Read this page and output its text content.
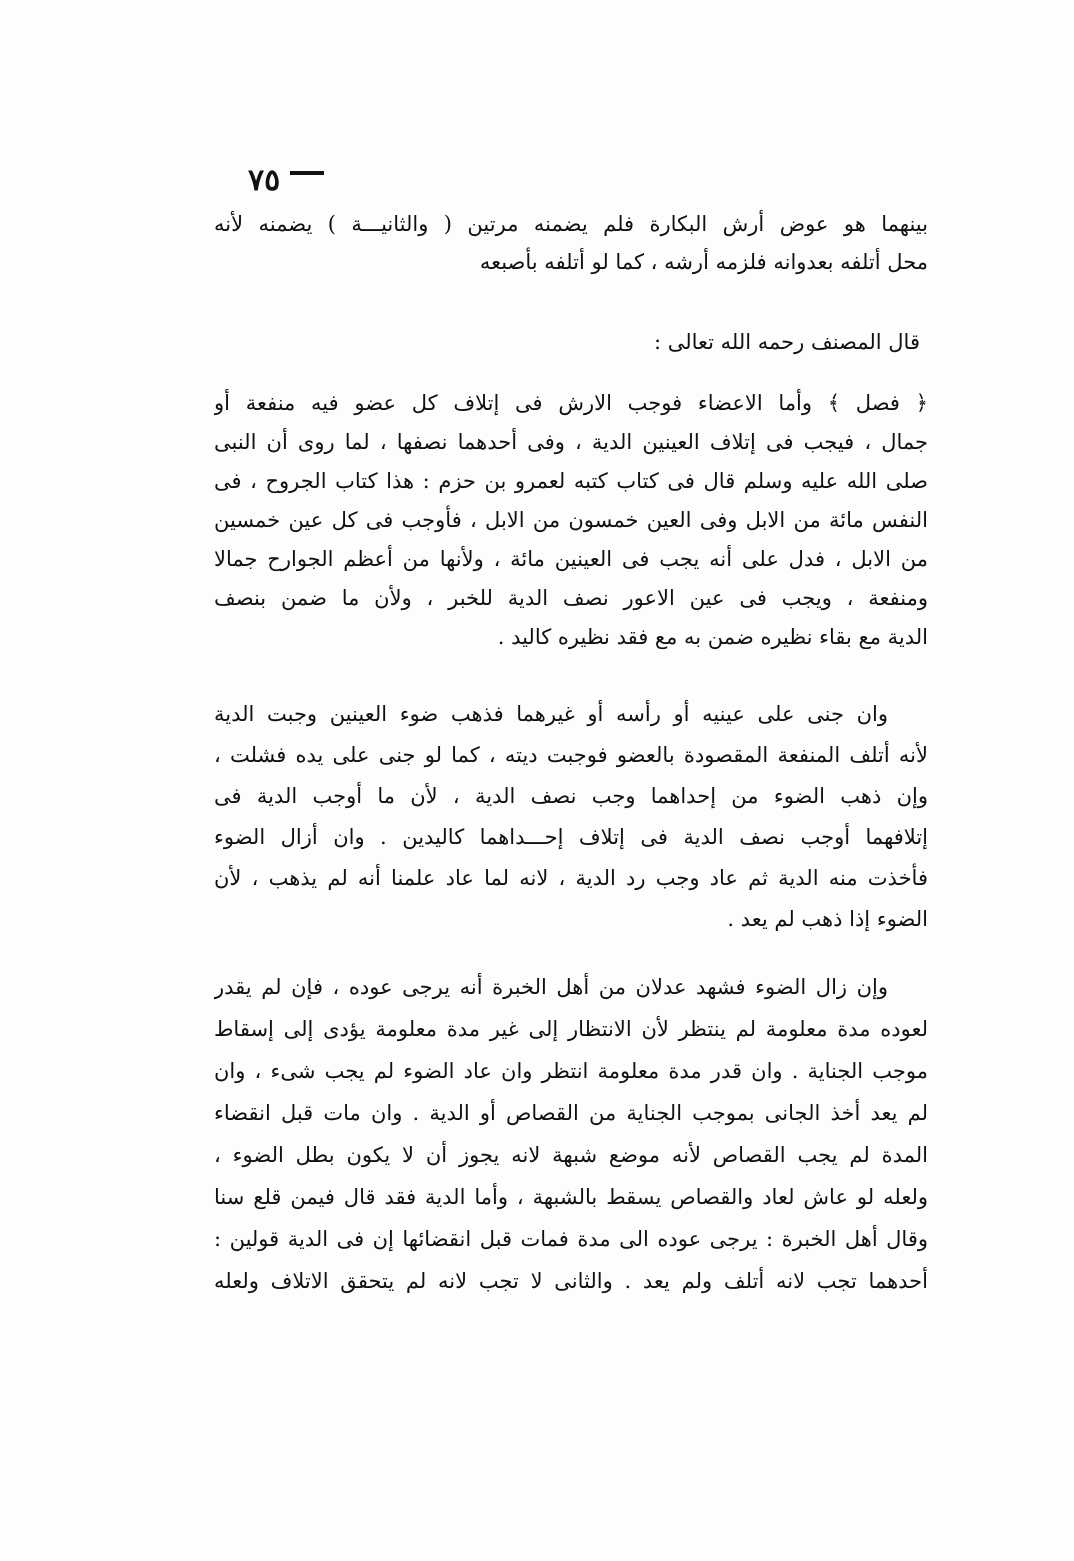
٧٥
بينهما هو عوض أرش البكارة فلم يضمنه مرتين ( والثانيـــة ) يضمنه لأنه
محل أتلفه بعدوانه فلزمه أرشه ، كما لو أتلفه بأصبعه
قال المصنف رحمه الله تعالى :
﴿ فصل ﴾ وأما الاعضاء فوجب الارش فى إتلاف كل عضو فيه منفعة أو
جمال ، فيجب فى إتلاف العينين الدية ، وفى أحدهما نصفها ، لما روى أن النبى
صلى الله عليه وسلم قال فى كتاب كتبه لعمرو بن حزم : هذا كتاب الجروح ، فى
النفس مائة من الابل وفى العين خمسون من الابل ، فأوجب فى كل عين خمسين
من الابل ، فدل على أنه يجب فى العينين مائة ، ولأنها من أعظم الجوارح جمالا
ومنفعة ، ويجب فى عين الاعور نصف الدية للخبر ، ولأن ما ضمن بنصف
الدية مع بقاء نظيره ضمن به مع فقد نظيره كاليد .
وان جنى على عينيه أو رأسه أو غيرهما فذهب ضوء العينين وجبت الدية
لأنه أتلف المنفعة المقصودة بالعضو فوجبت ديته ، كما لو جنى على يده فشلت ،
وإن ذهب الضوء من إحداهما وجب نصف الدية ، لأن ما أوجب الدية فى
إتلافهما أوجب نصف الدية فى إتلاف إحـــداهما كاليدين . وان أزال الضوء
فأخذت منه الدية ثم عاد وجب رد الدية ، لانه لما عاد علمنا أنه لم يذهب ، لأن
الضوء إذا ذهب لم يعد .
وإن زال الضوء فشهد عدلان من أهل الخبرة أنه يرجى عوده ، فإن لم يقدر
لعوده مدة معلومة لم ينتظر لأن الانتظار إلى غير مدة معلومة يؤدى إلى إسقاط
موجب الجناية . وان قدر مدة معلومة انتظر وان عاد الضوء لم يجب شىء ، وان
لم يعد أخذ الجانى بموجب الجناية من القصاص أو الدية . وان مات قبل انقضاء
المدة لم يجب القصاص لأنه موضع شبهة لانه يجوز أن لا يكون بطل الضوء ،
ولعله لو عاش لعاد والقصاص يسقط بالشبهة ، وأما الدية فقد قال فيمن قلع سنا
وقال أهل الخبرة : يرجى عوده الى مدة فمات قبل انقضائها إن فى الدية قولين :
أحدهما تجب لانه أتلف ولم يعد . والثانى لا تجب لانه لم يتحقق الاتلاف ولعله
